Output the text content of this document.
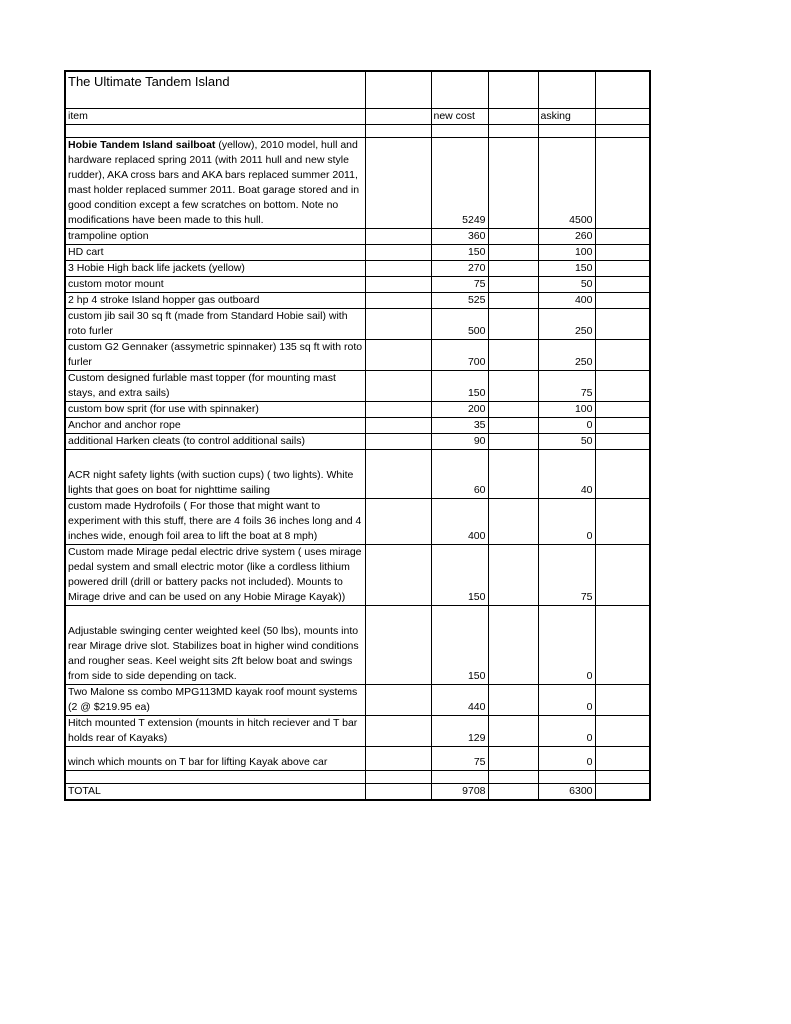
The Ultimate Tandem Island					
item		new cost		asking	

Hobie Tandem Island sailboat (yellow), 2010 model, hull and hardware replaced spring 2011 (with 2011 hull and new style rudder), AKA cross bars and AKA bars replaced summer 2011, mast holder replaced summer 2011. Boat garage stored and in good condition except a few scratches on bottom. Note no modifications have been made to this hull.		5249		4500	
trampoline option		360		260	
HD cart		150		100	
3 Hobie High back life jackets (yellow)		270		150	
custom motor mount		75		50	
2 hp 4 stroke Island hopper gas outboard		525		400	
custom jib sail 30 sq ft (made from Standard Hobie sail) with roto furler		500		250	
custom G2 Gennaker (assymetric spinnaker) 135 sq ft with roto furler		700		250	
Custom designed furlable mast topper (for mounting mast stays, and extra sails)		150		75	
custom bow sprit (for use with spinnaker)		200		100	
Anchor and anchor rope		35		0	
additional Harken cleats (to control additional sails)		90		50	
ACR night safety lights (with suction cups) ( two lights). White lights that goes on boat for nighttime sailing		60		40	
custom made Hydrofoils ( For those that might want to experiment with this stuff, there are 4 foils 36 inches long and 4 inches wide, enough foil area to lift the boat at 8 mph)		400		0	
Custom made Mirage pedal electric drive system ( uses mirage pedal system and small electric motor (like a cordless lithium powered drill (drill or battery packs not included). Mounts to Mirage drive and can be used on any Hobie Mirage Kayak))		150		75	
Adjustable swinging center weighted keel (50 lbs), mounts into rear Mirage drive slot. Stabilizes boat in higher wind conditions and rougher seas. Keel weight sits 2ft below boat and swings from side to side depending on tack.		150		0	
Two Malone ss combo MPG113MD kayak roof mount systems (2 @ $219.95 ea)		440		0	
Hitch mounted T extension (mounts in hitch reciever and T bar holds rear of Kayaks)		129		0	
winch which mounts on T bar for lifting Kayak above car		75		0	

TOTAL		9708		6300	
